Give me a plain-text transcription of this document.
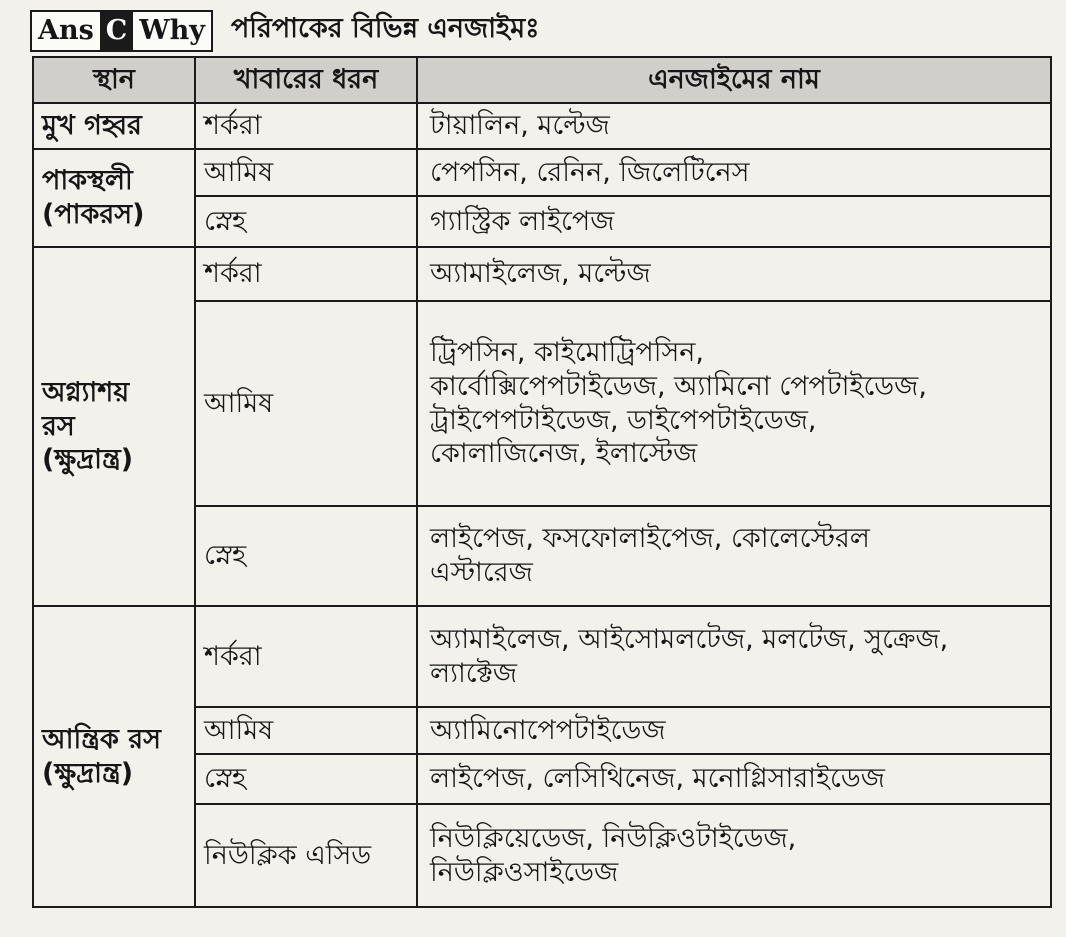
Ans C Why পরিপাকের বিভিন্ন এনজাইমঃ
স্থান	খাবারের ধরন	এনজাইমের নাম

মুখ গহ্বর	শর্করা	টায়ালিন, মল্টেজ

পাকস্থলী
(পাকরস)	আমিষ	পেপসিন, রেনিন, জিলেটিনেস

	স্নেহ	গ্যাস্ট্রিক লাইপেজ

অগ্ন্যাশয়
রস
(ক্ষুদ্রান্ত্র)	শর্করা	অ্যামাইলেজ, মল্টেজ

	আমিষ	ট্রিপসিন, কাইমোট্রিপসিন,
কার্বোক্সিপেপটাইডেজ, অ্যামিনো পেপটাইডেজ,
ট্রাইপেপটাইডেজ, ডাইপেপটাইডেজ,
কোলাজিনেজ, ইলাস্টেজ

	স্নেহ	লাইপেজ, ফসফোলাইপেজ, কোলেস্টেরল
এস্টারেজ

আন্ত্রিক রস
(ক্ষুদ্রান্ত্র)	শর্করা	অ্যামাইলেজ, আইসোমলটেজ, মলটেজ, সুক্রেজ,
ল্যাক্টেজ

	আমিষ	অ্যামিনোপেপটাইডেজ

	স্নেহ	লাইপেজ, লেসিথিনেজ, মনোগ্লিসারাইডেজ

	নিউক্লিক এসিড	নিউক্লিয়েডেজ, নিউক্লিওটাইডেজ,
নিউক্লিওসাইডেজ
